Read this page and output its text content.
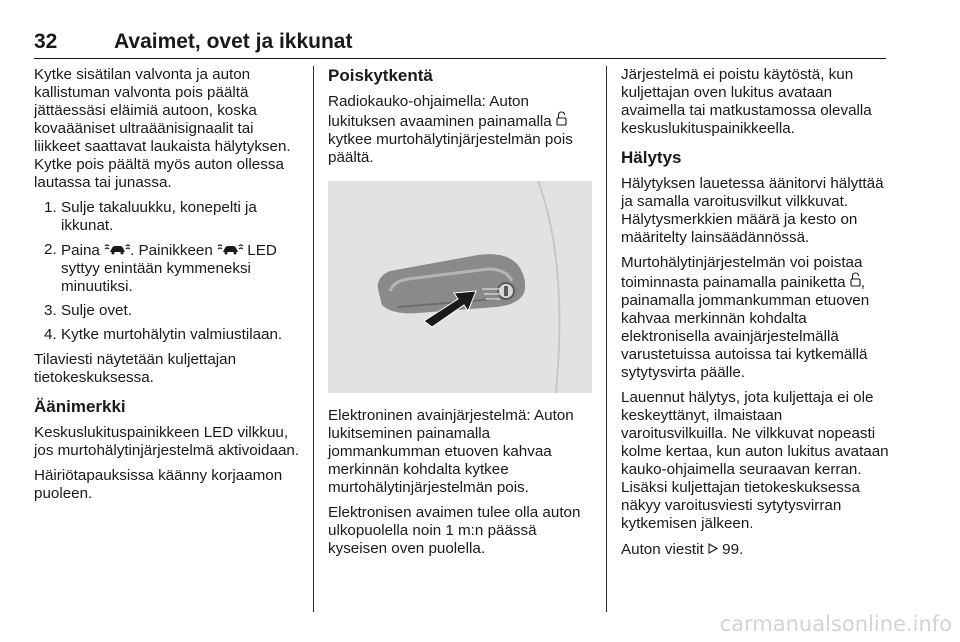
32	Avaimet, ovet ja ikkunat

Kytke sisätilan valvonta ja auton kallistuman valvonta pois päältä jättäessäsi eläimiä autoon, koska kovaääniset ultraäänisignaalit tai liikkeet saattavat laukaista hälytyksen. Kytke pois päältä myös auton ollessa lautassa tai junassa.

1. Sulje takaluukku, konepelti ja ikkunat.
2. Paina . Painikkeen  LED syttyy enintään kymmeneksi minuutiksi.
3. Sulje ovet.
4. Kytke murtohälytin valmiustilaan.

Tilaviesti näytetään kuljettajan tietokeskuksessa.

Äänimerkki

Keskuslukituspainikkeen LED vilkkuu, jos murtohälytinjärjestelmä aktivoidaan.

Häiriötapauksissa käänny korjaamon puoleen.

Poiskytkentä

Radiokauko-ohjaimella: Auton lukituksen avaaminen painamalla  kytkee murtohälytinjärjestelmän pois päältä.

Elektroninen avainjärjestelmä: Auton lukitseminen painamalla jommankumman etuoven kahvaa merkinnän kohdalta kytkee murtohälytinjärjestelmän pois.

Elektronisen avaimen tulee olla auton ulkopuolella noin 1 m:n päässä kyseisen oven puolella.

Järjestelmä ei poistu käytöstä, kun kuljettajan oven lukitus avataan avaimella tai matkustamossa olevalla keskuslukituspainikkeella.

Hälytys

Hälytyksen lauetessa äänitorvi hälyttää ja samalla varoitusvilkut vilkkuvat. Hälytysmerkkien määrä ja kesto on määritelty lainsäädännössä.

Murtohälytinjärjestelmän voi poistaa toiminnasta painamalla painiketta , painamalla jommankumman etuoven kahvaa merkinnän kohdalta elektronisella avainjärjestelmällä varustetuissa autoissa tai kytkemällä sytytysvirta päälle.

Lauennut hälytys, jota kuljettaja ei ole keskeyttänyt, ilmaistaan varoitusvilkuilla. Ne vilkkuvat nopeasti kolme kertaa, kun auton lukitus avataan kauko-ohjaimella seuraavan kerran. Lisäksi kuljettajan tietokeskuksessa näkyy varoitusviesti sytytysvirran kytkemisen jälkeen.

Auton viestit  99.

carmanualsonline.info
